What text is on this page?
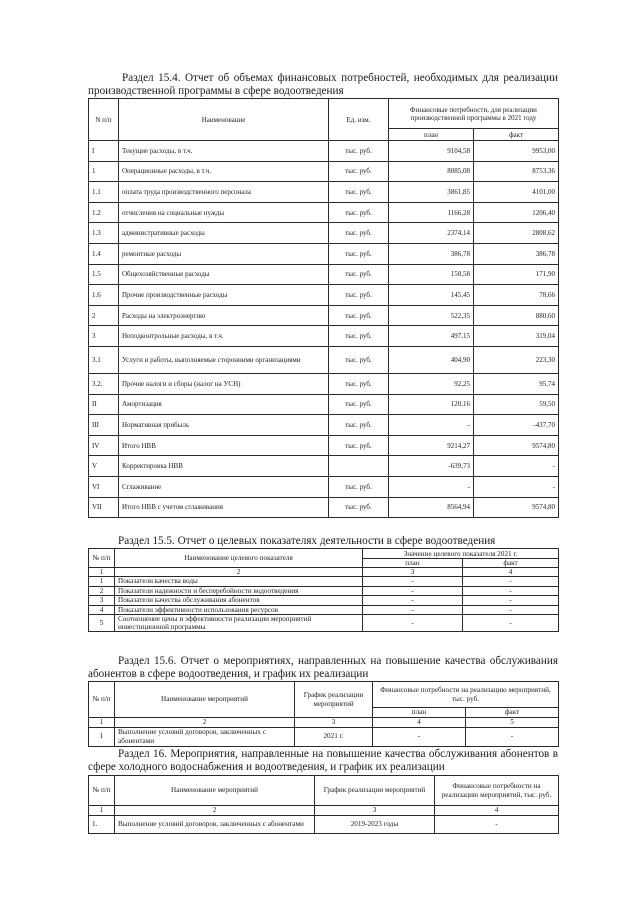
Раздел 15.4. Отчет об объемах финансовых потребностей, необходимых для реализации производственной программы в сфере водоотведения
N п/п	Наименование	Ед. изм.	Финансовые потребности, для реализации производственной программы в 2021 году	
			план	факт
I	Текущие расходы, в т.ч.	тыс. руб.	9104,58	9953,00
1	Операционные расходы, в т.ч.	тыс. руб.	8085,08	8753,36
1.1	оплата труда производственного персонала	тыс. руб.	3861,85	4101,00
1.2	отчисления на социальные нужды	тыс. руб.	1166,28	1206,40
1.3	административные расходы	тыс. руб.	2374,14	2808,62
1.4	ремонтные расходы	тыс. руб.	386,78	386,78
1.5	Общехозяйственные расходы	тыс. руб.	150,58	171,90
1.6	Прочие производственные расходы	тыс. руб.	145,45	78,66
2	Расходы на электроэнергию	тыс. руб.	522,35	880,60
3	Неподконтрольные расходы, в т.ч.	тыс. руб.	497,15	319,04
3.1	Услуги и работы, выполняемые сторонними организациями	тыс. руб.	404,90	223,30
3.2.	Прочие налоги и сборы (налог на УСН)	тыс. руб.	92,25	95,74
II	Амортизация	тыс. руб.	120,16	59,50
III	Нормативная прибыль	тыс. руб.	-	-437,70
IV	Итого НВВ	тыс. руб.	9214,27	9574,80
V	Корректировка НВВ		-639,73	-
VI	Сглаживание	тыс. руб.	-	-
VII	Итого НВВ с учетом сглаживания	тыс. руб.	8564,94	9574,80
Раздел 15.5. Отчет о целевых показателях деятельности в сфере водоотведения
№ п/п	Наименование целевого показателя	Значение целевого показателя 2021 г.	
		план	факт
1	2	3	4
1	Показатели качества воды	-	-
2	Показатели надежности и бесперебойности водоотведения	-	-
3	Показатели качества обслуживания абонентов	-	-
4	Показатели эффективности использования ресурсов	-	-
5	Соотношение цены и эффективности реализации мероприятий инвестиционной программы	-	-
Раздел 15.6. Отчет о мероприятиях, направленных на повышение качества обслуживания абонентов в сфере водоотведения, и график их реализации
№ п/п	Наименование мероприятий	График реализации мероприятий	Финансовые потребности на реализацию мероприятий, тыс. руб.	
			план	факт
1	2	3	4	5
1	Выполнение условий договоров, заключенных с абонентами	2021 г.	-	-
Раздел 16. Мероприятия, направленные на повышение качества обслуживания абонентов в сфере холодного водоснабжения и водоотведения, и график их реализации
№ п/п	Наименование мероприятий	График реализации мероприятий	Финансовые потребности на реализацию мероприятий, тыс. руб.
1	2	3	4
1.	Выполнение условий договоров, заключенных с абонентами	2019-2023 годы	-
